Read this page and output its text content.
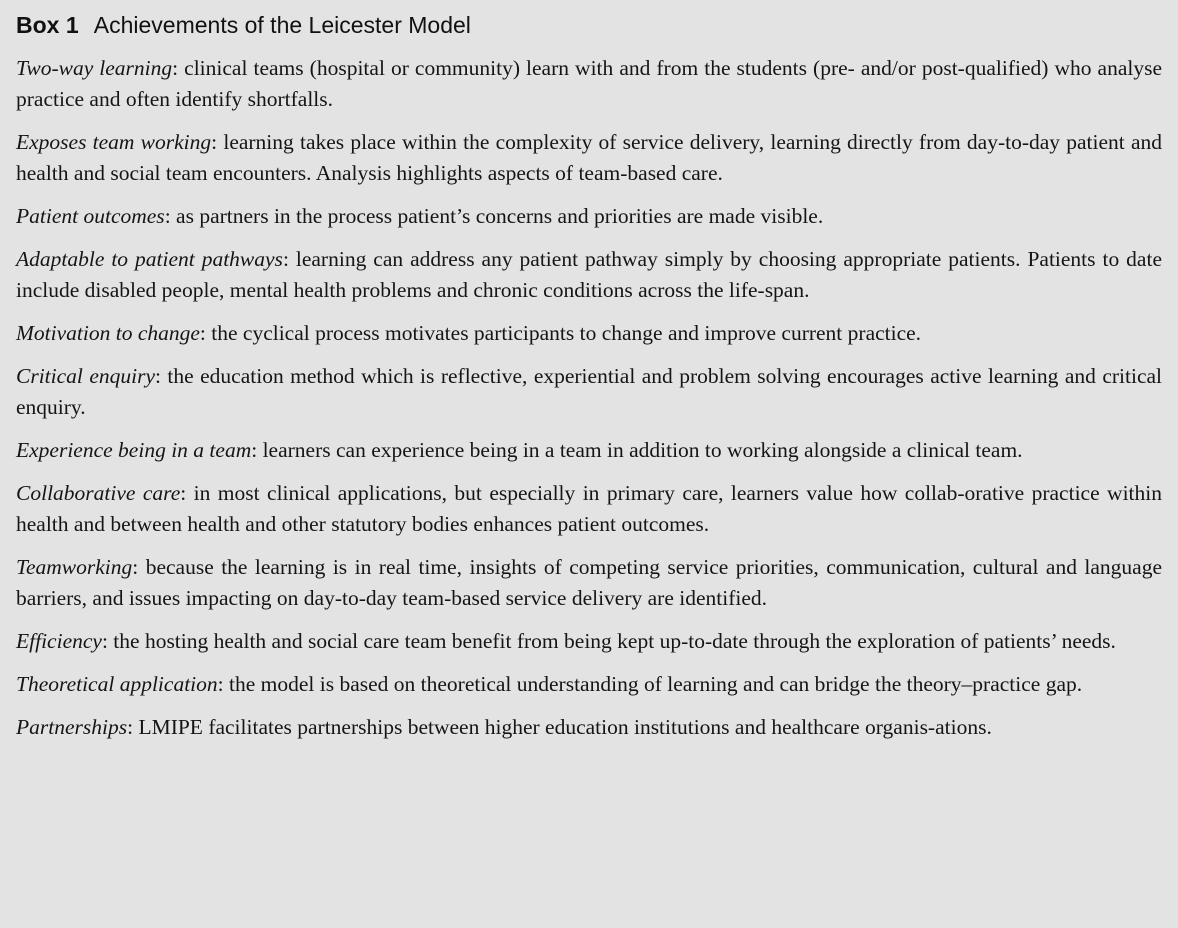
Box 1 Achievements of the Leicester Model

Two-way learning: clinical teams (hospital or community) learn with and from the students (pre- and/or post-qualified) who analyse practice and often identify shortfalls.

Exposes team working: learning takes place within the complexity of service delivery, learning directly from day-to-day patient and health and social team encounters. Analysis highlights aspects of team-based care.

Patient outcomes: as partners in the process patient’s concerns and priorities are made visible.

Adaptable to patient pathways: learning can address any patient pathway simply by choosing appropriate patients. Patients to date include disabled people, mental health problems and chronic conditions across the life-span.

Motivation to change: the cyclical process motivates participants to change and improve current practice.

Critical enquiry: the education method which is reflective, experiential and problem solving encourages active learning and critical enquiry.

Experience being in a team: learners can experience being in a team in addition to working alongside a clinical team.

Collaborative care: in most clinical applications, but especially in primary care, learners value how collab-orative practice within health and between health and other statutory bodies enhances patient outcomes.

Teamworking: because the learning is in real time, insights of competing service priorities, communication, cultural and language barriers, and issues impacting on day-to-day team-based service delivery are identified.

Efficiency: the hosting health and social care team benefit from being kept up-to-date through the exploration of patients’ needs.

Theoretical application: the model is based on theoretical understanding of learning and can bridge the theory–practice gap.

Partnerships: LMIPE facilitates partnerships between higher education institutions and healthcare organis-ations.
